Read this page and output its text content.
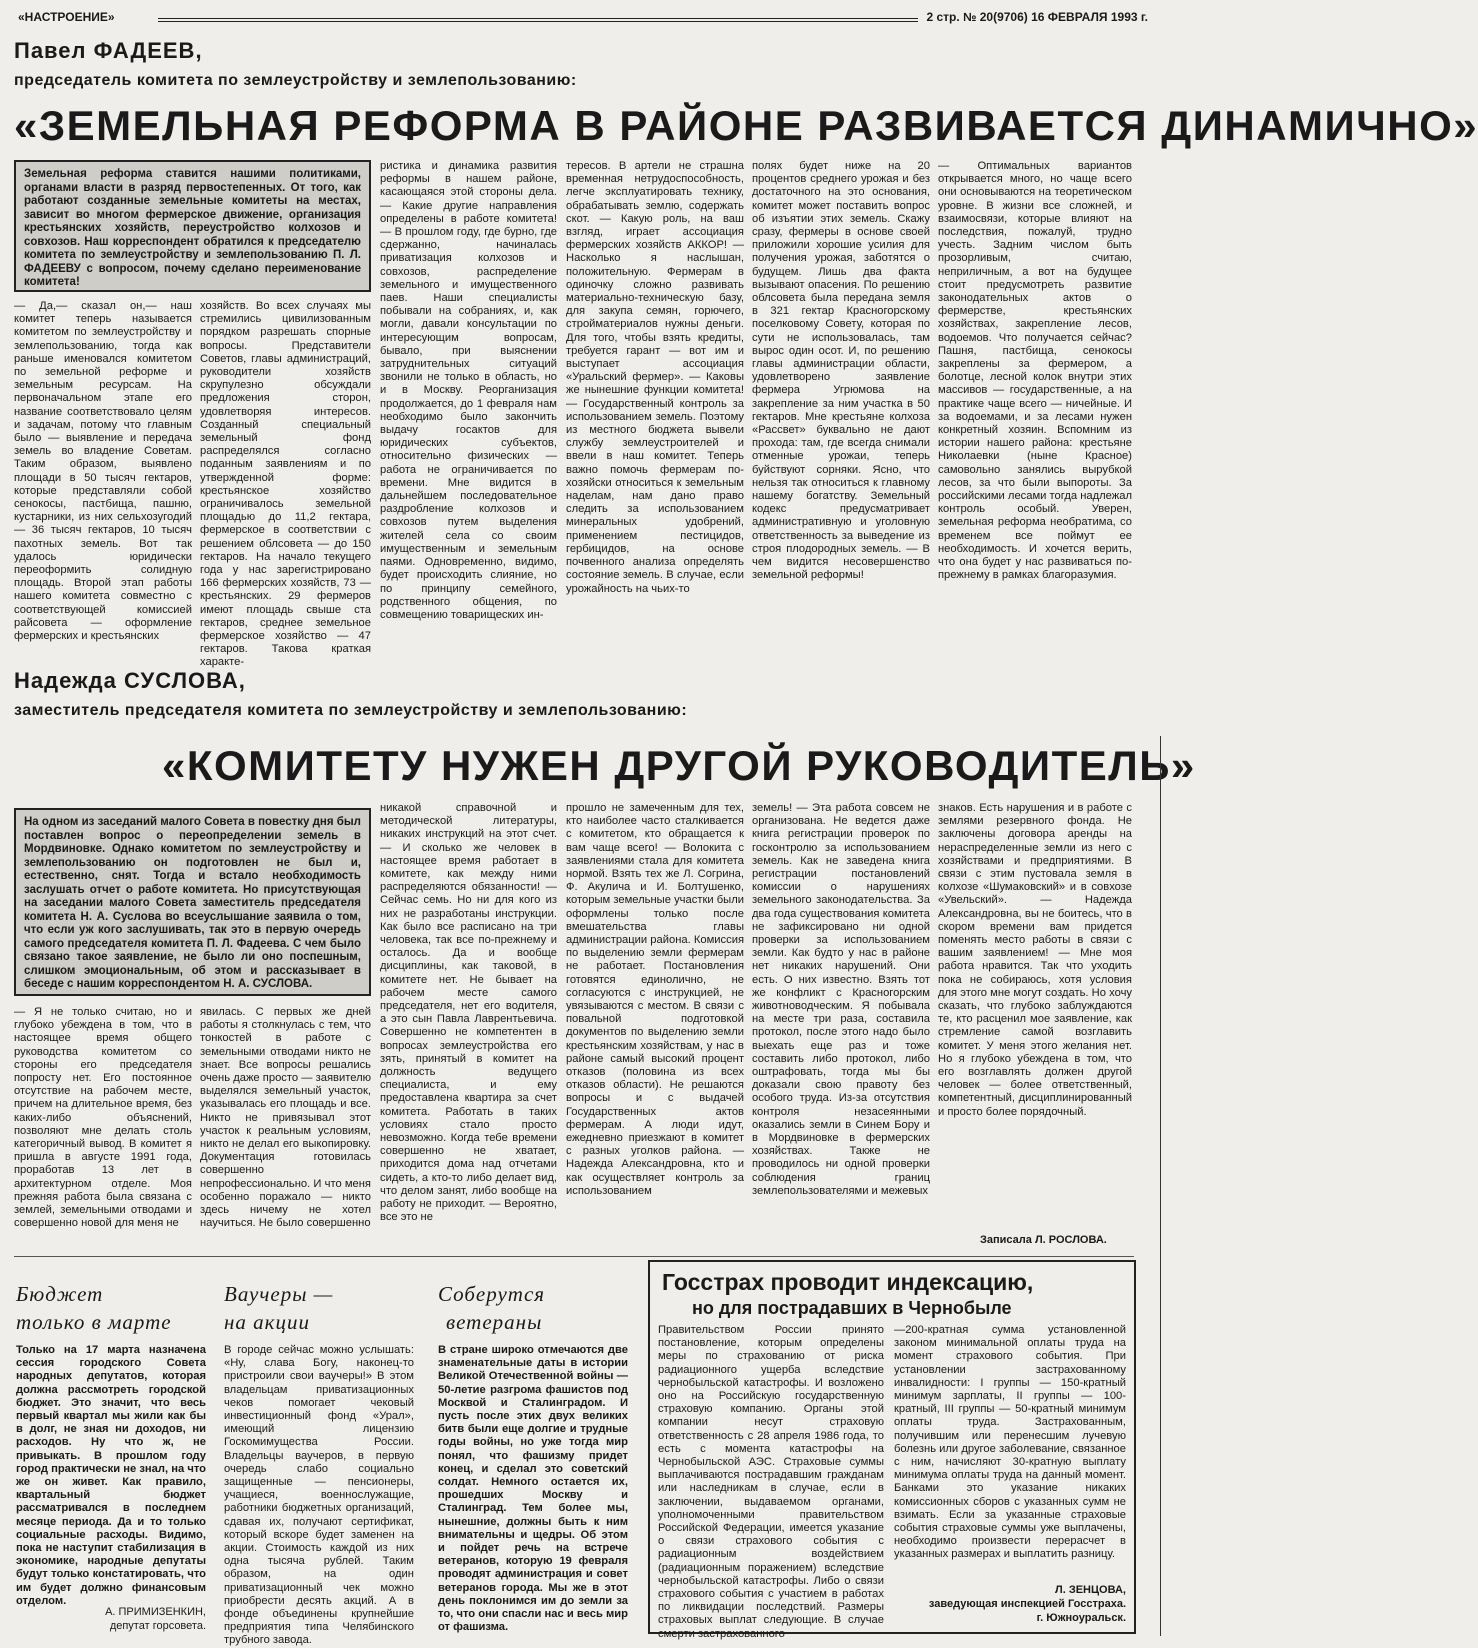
«НАСТРОЕНИЕ»	2 стр. № 20(9706) 16 ФЕВРАЛЯ 1993 г.
Павел ФАДЕЕВ,
председатель комитета по землеустройству и землепользованию:
«ЗЕМЕЛЬНАЯ РЕФОРМА В РАЙОНЕ РАЗВИВАЕТСЯ ДИНАМИЧНО»
Земельная реформа ставится нашими политиками, органами власти в разряд первостепенных. От того, как работают созданные земельные комитеты на местах, зависит во многом фермерское движение, организация крестьянских хозяйств, переустройство колхозов и совхозов. Наш корреспондент обратился к председателю комитета по землеустройству и землепользованию П. Л. ФАДЕЕВУ с вопросом, почему сделано переименование комитета!
— Да,— сказал он,— наш комитет теперь называется комитетом по землеустройству и землепользованию, тогда как раньше именовался комитетом по земельной реформе и земельным ресурсам. На первоначальном этапе его название соответствовало целям и задачам, потому что главным было — выявление и передача земель во владение Советам. Таким образом, выявлено площади в 50 тысяч гектаров, которые представляли собой сенокосы, пастбища, пашню, кустарники, из них сельхозугодий — 36 тысяч гектаров, 10 тысяч пахотных земель. Вот так удалось юридически переоформить солидную площадь. Второй этап работы нашего комитета совместно с соответствующей комиссией райсовета — оформление фермерских и крестьянских
хозяйств. Во всех случаях мы стремились цивилизованным порядком разрешать спорные вопросы. Представители Советов, главы администраций, руководители хозяйств скрупулезно обсуждали предложения сторон, удовлетворяя интересов. Созданный специальный земельный фонд распределялся согласно поданным заявлениям и по утвержденной форме: крестьянское хозяйство ограничивалось земельной площадью до 11,2 гектара, фермерское в соответствии с решением облсовета — до 150 гектаров. На начало текущего года у нас зарегистрировано 166 фермерских хозяйств, 73 — крестьянских. 29 фермеров имеют площадь свыше ста гектаров, среднее земельное фермерское хозяйство — 47 гектаров. Такова краткая характе-
ристика и динамика развития реформы в нашем районе, касающаяся этой стороны дела. — Какие другие направления определены в работе комитета! — В прошлом году, где бурно, где сдержанно, начиналась приватизация колхозов и совхозов, распределение земельного и имущественного паев. Наши специалисты побывали на собраниях, и, как могли, давали консультации по интересующим вопросам, бывало, при выяснении затруднительных ситуаций звонили не только в область, но и в Москву. Реорганизация продолжается, до 1 февраля нам необходимо было закончить выдачу госактов для юридических субъектов, относительно физических — работа не ограничивается по времени. Мне видится в дальнейшем последовательное раздробление колхозов и совхозов путем выделения жителей села со своим имущественным и земельным паями. Одновременно, видимо, будет происходить слияние, но по принципу семейного, родственного общения, по совмещению товарищеских ин-
тересов. В артели не страшна временная нетрудоспособность, легче эксплуатировать технику, обрабатывать землю, содержать скот. — Какую роль, на ваш взгляд, играет ассоциация фермерских хозяйств АККОР! — Насколько я наслышан, положительную. Фермерам в одиночку сложно развивать материально-техническую базу, для закупа семян, горючего, стройматериалов нужны деньги. Для того, чтобы взять кредиты, требуется гарант — вот им и выступает ассоциация «Уральский фермер». — Каковы же нынешние функции комитета! — Государственный контроль за использованием земель. Поэтому из местного бюджета вывели службу землеустроителей и ввели в наш комитет. Теперь важно помочь фермерам по-хозяйски относиться к земельным наделам, нам дано право следить за использованием минеральных удобрений, применением пестицидов, гербицидов, на основе почвенного анализа определять состояние земель. В случае, если урожайность на чьих-то
полях будет ниже на 20 процентов среднего урожая и без достаточного на это основания, комитет может поставить вопрос об изъятии этих земель. Скажу сразу, фермеры в основе своей приложили хорошие усилия для получения урожая, заботятся о будущем. Лишь два факта вызывают опасения. По решению облсовета была передана земля в 321 гектар Красногорскому поселковому Совету, которая по сути не использовалась, там вырос один осот. И, по решению главы администрации области, удовлетворено заявление фермера Угрюмова на закрепление за ним участка в 50 гектаров. Мне крестьяне колхоза «Рассвет» буквально не дают прохода: там, где всегда снимали отменные урожаи, теперь буйствуют сорняки. Ясно, что нельзя так относиться к главному нашему богатству. Земельный кодекс предусматривает административную и уголовную ответственность за выведение из строя плодородных земель. — В чем видится несовершенство земельной реформы!
— Оптимальных вариантов открывается много, но чаще всего они основываются на теоретическом уровне. В жизни все сложней, и взаимосвязи, которые влияют на последствия, пожалуй, трудно учесть. Задним числом быть прозорливым, считаю, неприличным, а вот на будущее стоит предусмотреть развитие законодательных актов о фермерстве, крестьянских хозяйствах, закрепление лесов, водоемов. Что получается сейчас? Пашня, пастбища, сенокосы закреплены за фермером, а болотце, лесной колок внутри этих массивов — государственные, а на практике чаще всего — ничейные. И за водоемами, и за лесами нужен конкретный хозяин. Вспомним из истории нашего района: крестьяне Николаевки (ныне Красное) самовольно занялись вырубкой лесов, за что были выпороты. За российскими лесами тогда надлежал контроль особый. Уверен, земельная реформа необратима, со временем все поймут ее необходимость. И хочется верить, что она будет у нас развиваться по-прежнему в рамках благоразумия.
Надежда СУСЛОВА,
заместитель председателя комитета по землеустройству и землепользованию:
«КОМИТЕТУ НУЖЕН ДРУГОЙ РУКОВОДИТЕЛЬ»
На одном из заседаний малого Совета в повестку дня был поставлен вопрос о переопределении земель в Мордвиновке. Однако комитетом по землеустройству и землепользованию он подготовлен не был и, естественно, снят. Тогда и встало необходимость заслушать отчет о работе комитета. Но присутствующая на заседании малого Совета заместитель председателя комитета Н. А. Суслова во всеуслышание заявила о том, что если уж кого заслушивать, так это в первую очередь самого председателя комитета П. Л. Фадеева. С чем было связано такое заявление, не было ли оно поспешным, слишком эмоциональным, об этом и рассказывает в беседе с нашим корреспондентом Н. А. СУСЛОВА.
— Я не только считаю, но и глубоко убеждена в том, что в настоящее время общего руководства комитетом со стороны его председателя попросту нет. Его постоянное отсутствие на рабочем месте, причем на длительное время, без каких-либо объяснений, позволяют мне делать столь категоричный вывод. В комитет я пришла в августе 1991 года, проработав 13 лет в архитектурном отделе. Моя прежняя работа была связана с землей, земельными отводами и совершенно новой для меня не
явилась. С первых же дней работы я столкнулась с тем, что тонкостей в работе с земельными отводами никто не знает. Все вопросы решались очень даже просто — заявителю выделялся земельный участок, указывалась его площадь и все. Никто не привязывал этот участок к реальным условиям, никто не делал его выкопировку. Документация готовилась совершенно непрофессионально. И что меня особенно поражало — никто здесь ничему не хотел научиться. Не было совершенно
никакой справочной и методической литературы, никаких инструкций на этот счет. — И сколько же человек в настоящее время работает в комитете, как между ними распределяются обязанности! — Сейчас семь. Но ни для кого из них не разработаны инструкции. Как было все расписано на три человека, так все по-прежнему и осталось. Да и вообще дисциплины, как таковой, в комитете нет. Не бывает на рабочем месте самого председателя, нет его водителя, а это сын Павла Лаврентьевича. Совершенно не компетентен в вопросах землеустройства его зять, принятый в комитет на должность ведущего специалиста, и ему предоставлена квартира за счет комитета. Работать в таких условиях стало просто невозможно. Когда тебе времени совершенно не хватает, приходится дома над отчетами сидеть, а кто-то либо делает вид, что делом занят, либо вообще на работу не приходит. — Вероятно, все это не
прошло не замеченным для тех, кто наиболее часто сталкивается с комитетом, кто обращается к вам чаще всего! — Волокита с заявлениями стала для комитета нормой. Взять тех же Л. Согрина, Ф. Акулича и И. Болтушенко, которым земельные участки были оформлены только после вмешательства главы администрации района. Комиссия по выделению земли фермерам не работает. Постановления готовятся единолично, не согласуются с инструкцией, не увязываются с местом. В связи с повальной подготовкой документов по выделению земли крестьянским хозяйствам, у нас в районе самый высокий процент отказов (половина из всех отказов области). Не решаются вопросы и с выдачей Государственных актов фермерам. А люди идут, ежедневно приезжают в комитет с разных уголков района. — Надежда Александровна, кто и как осуществляет контроль за использованием
земель! — Эта работа совсем не организована. Не ведется даже книга регистрации проверок по госконтролю за использованием земель. Как не заведена книга регистрации постановлений комиссии о нарушениях земельного законодательства. За два года существования комитета не зафиксировано ни одной проверки за использованием земли. Как будто у нас в районе нет никаких нарушений. Они есть. О них известно. Взять тот же конфликт с Красногорским животноводческим. Я побывала на месте три раза, составила протокол, после этого надо было выехать еще раз и тоже составить либо протокол, либо оштрафовать, тогда мы бы доказали свою правоту без особого труда. Из-за отсутствия контроля незасеянными оказались земли в Синем Бору и в Мордвиновке в фермерских хозяйствах. Также не проводилось ни одной проверки соблюдения границ землепользователями и межевых
знаков. Есть нарушения и в работе с землями резервного фонда. Не заключены договора аренды на нераспределенные земли из него с хозяйствами и предприятиями. В связи с этим пустовала земля в колхозе «Шумаковский» и в совхозе «Увельский». — Надежда Александровна, вы не боитесь, что в скором времени вам придется поменять место работы в связи с вашим заявлением! — Мне моя работа нравится. Так что уходить пока не собираюсь, хотя условия для этого мне могут создать. Но хочу сказать, что глубоко заблуждаются те, кто расценил мое заявление, как стремление самой возглавить комитет. У меня этого желания нет. Но я глубоко убеждена в том, что его возглавлять должен другой человек — более ответственный, компетентный, дисциплинированный и просто более порядочный.
Записала Л. РОСЛОВА.
Бюджет
только в марте
Только на 17 марта назначена сессия городского Совета народных депутатов, которая должна рассмотреть городской бюджет. Это значит, что весь первый квартал мы жили как бы в долг, не зная ни доходов, ни расходов. Ну что ж, не привыкать. В прошлом году город практически не знал, на что же он живет. Как правило, квартальный бюджет рассматривался в последнем месяце периода. Да и то только социальные расходы. Видимо, пока не наступит стабилизация в экономике, народные депутаты будут только констатировать, что им будет должно финансовым отделом.
А. ПРИМИЗЕНКИН,
депутат горсовета.
Ваучеры —
на акции
В городе сейчас можно услышать: «Ну, слава Богу, наконец-то пристроили свои ваучеры!» В этом владельцам приватизационных чеков помогает чековый инвестиционный фонд «Урал», имеющий лицензию Госкомимущества России. Владельцы ваучеров, в первую очередь слабо социально защищенные — пенсионеры, учащиеся, военнослужащие, работники бюджетных организаций, сдавая их, получают сертификат, который вскоре будет заменен на акции. Стоимость каждой из них одна тысяча рублей. Таким образом, на один приватизационный чек можно приобрести десять акций. А в фонде объединены крупнейшие предприятия типа Челябинского трубного завода.
Соберутся
ветераны
В стране широко отмечаются две знаменательные даты в истории Великой Отечественной войны — 50-летие разгрома фашистов под Москвой и Сталинградом. И пусть после этих двух великих битв были еще долгие и трудные годы войны, но уже тогда мир понял, что фашизму придет конец, и сделал это советский солдат. Немного остается их, прошедших Москву и Сталинград. Тем более мы, нынешние, должны быть к ним внимательны и щедры. Об этом и пойдет речь на встрече ветеранов, которую 19 февраля проводят администрация и совет ветеранов города. Мы же в этот день поклонимся им до земли за то, что они спасли нас и весь мир от фашизма.
Госстрах проводит индексацию,
но для пострадавших в Чернобыле
Правительством России принято постановление, которым определены меры по страхованию от риска радиационного ущерба вследствие чернобыльской катастрофы. И возложено оно на Российскую государственную страховую компанию. Органы этой компании несут страховую ответственность с 28 апреля 1986 года, то есть с момента катастрофы на Чернобыльской АЭС. Страховые суммы выплачиваются пострадавшим гражданам или наследникам в случае, если в заключении, выдаваемом органами, уполномоченными правительством Российской Федерации, имеется указание о связи страхового события с радиационным воздействием (радиационным поражением) вследствие чернобыльской катастрофы. Либо о связи страхового события с участием в работах по ликвидации последствий. Размеры страховых выплат следующие. В случае смерти застрахованного
—200-кратная сумма установленной законом минимальной оплаты труда на момент страхового события. При установлении застрахованному инвалидности: I группы — 150-кратный минимум зарплаты, II группы — 100-кратный, III группы — 50-кратный минимум оплаты труда. Застрахованным, получившим или перенесшим лучевую болезнь или другое заболевание, связанное с ним, начисляют 30-кратную выплату минимума оплаты труда на данный момент. Банками это указание никаких комиссионных сборов с указанных сумм не взимать. Если за указанные страховые события страховые суммы уже выплачены, необходимо произвести перерасчет в указанных размерах и выплатить разницу.
Л. ЗЕНЦОВА,
заведующая инспекцией Госстраха.
г. Южноуральск.
